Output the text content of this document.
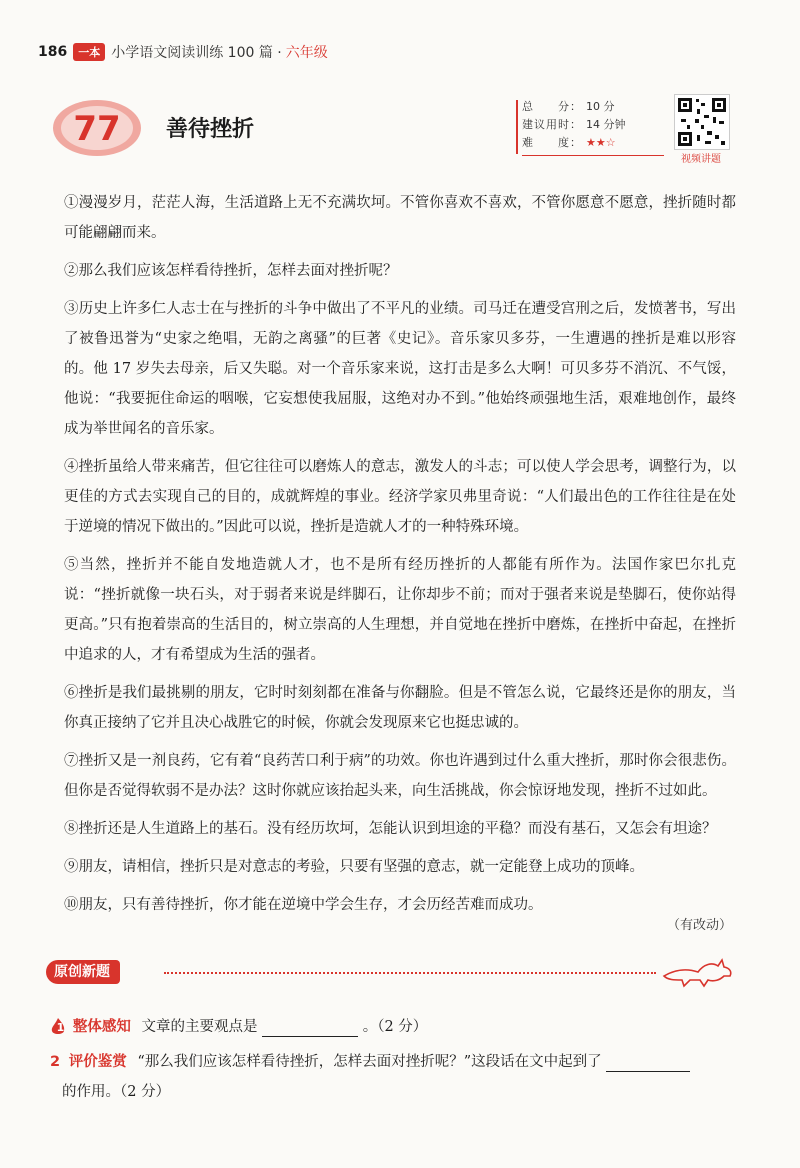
186	一本 小学语文阅读训练 100 篇 · 六年级
77 善待挫折
总　　分： 10 分
建议用时： 14 分钟
难　　度： ★★☆
视频讲题

①漫漫岁月，茫茫人海，生活道路上无不充满坎坷。不管你喜欢不喜欢，不管你愿意不愿意，挫折随时都可能翩翩而来。

②那么我们应该怎样看待挫折，怎样去面对挫折呢？

③历史上许多仁人志士在与挫折的斗争中做出了不平凡的业绩。司马迁在遭受宫刑之后，发愤著书，写出了被鲁迅誉为“史家之绝唱，无韵之离骚”的巨著《史记》。音乐家贝多芬，一生遭遇的挫折是难以形容的。他 17 岁失去母亲，后又失聪。对一个音乐家来说，这打击是多么大啊！可贝多芬不消沉、不气馁，他说：“我要扼住命运的咽喉，它妄想使我屈服，这绝对办不到。”他始终顽强地生活，艰难地创作，最终成为举世闻名的音乐家。

④挫折虽给人带来痛苦，但它往往可以磨炼人的意志，激发人的斗志；可以使人学会思考，调整行为，以更佳的方式去实现自己的目的，成就辉煌的事业。经济学家贝弗里奇说：“人们最出色的工作往往是在处于逆境的情况下做出的。”因此可以说，挫折是造就人才的一种特殊环境。

⑤当然，挫折并不能自发地造就人才，也不是所有经历挫折的人都能有所作为。法国作家巴尔扎克说：“挫折就像一块石头，对于弱者来说是绊脚石，让你却步不前；而对于强者来说是垫脚石，使你站得更高。”只有抱着崇高的生活目的，树立崇高的人生理想，并自觉地在挫折中磨炼，在挫折中奋起，在挫折中追求的人，才有希望成为生活的强者。

⑥挫折是我们最挑剔的朋友，它时时刻刻都在准备与你翻脸。但是不管怎么说，它最终还是你的朋友，当你真正接纳了它并且决心战胜它的时候，你就会发现原来它也挺忠诚的。

⑦挫折又是一剂良药，它有着“良药苦口利于病”的功效。你也许遇到过什么重大挫折，那时你会很悲伤。但你是否觉得软弱不是办法？这时你就应该抬起头来，向生活挑战，你会惊讶地发现，挫折不过如此。

⑧挫折还是人生道路上的基石。没有经历坎坷，怎能认识到坦途的平稳？而没有基石，又怎会有坦途？

⑨朋友，请相信，挫折只是对意志的考验，只要有坚强的意志，就一定能登上成功的顶峰。

⑩朋友，只有善待挫折，你才能在逆境中学会生存，才会历经苦难而成功。

（有改动）
原创新题
1 整体感知 文章的主要观点是	。（2 分）
2 评价鉴赏 “那么我们应该怎样看待挫折，怎样去面对挫折呢？”这段话在文中起到了
的作用。（2 分）
